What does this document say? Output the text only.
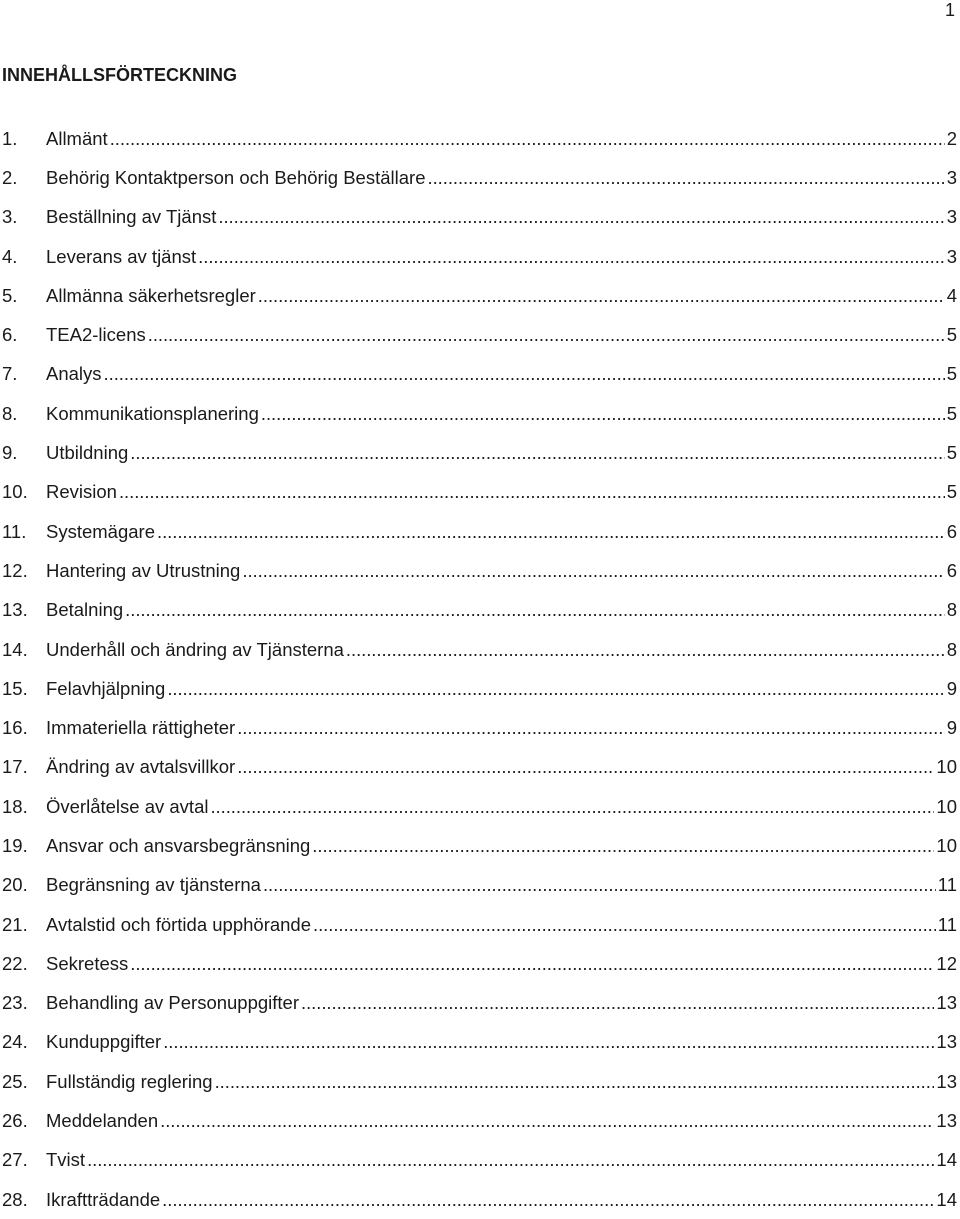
1
INNEHÅLLSFÖRTECKNING
1.	Allmänt . . .	2
2.	Behörig Kontaktperson och Behörig Beställare . . .	3
3.	Beställning av Tjänst . . .	3
4.	Leverans av tjänst . . .	3
5.	Allmänna säkerhetsregler . . .	4
6.	TEA2-licens . . .	5
7.	Analys . . .	5
8.	Kommunikationsplanering . . .	5
9.	Utbildning . . .	5
10. Revision . . .	5
11.	Systemägare . . .	6
12. Hantering av Utrustning . . .	6
13. Betalning . . .	8
14. Underhåll och ändring av Tjänsterna . . .	8
15. Felavhjälpning . . .	9
16. Immateriella rättigheter . . .	9
17. Ändring av avtalsvillkor . . .	10
18. Överlåtelse av avtal . . .	10
19. Ansvar och ansvarsbegränsning . . .	10
20. Begränsning av tjänsterna . . .	11
21. Avtalstid och förtida upphörande . . .	11
22. Sekretess . . .	12
23. Behandling av Personuppgifter . . .	13
24. Kunduppgifter . . .	13
25. Fullständig reglering . . .	13
26. Meddelanden . . .	13
27. Tvist . . .	14
28. Ikraftträdande . . .	14
